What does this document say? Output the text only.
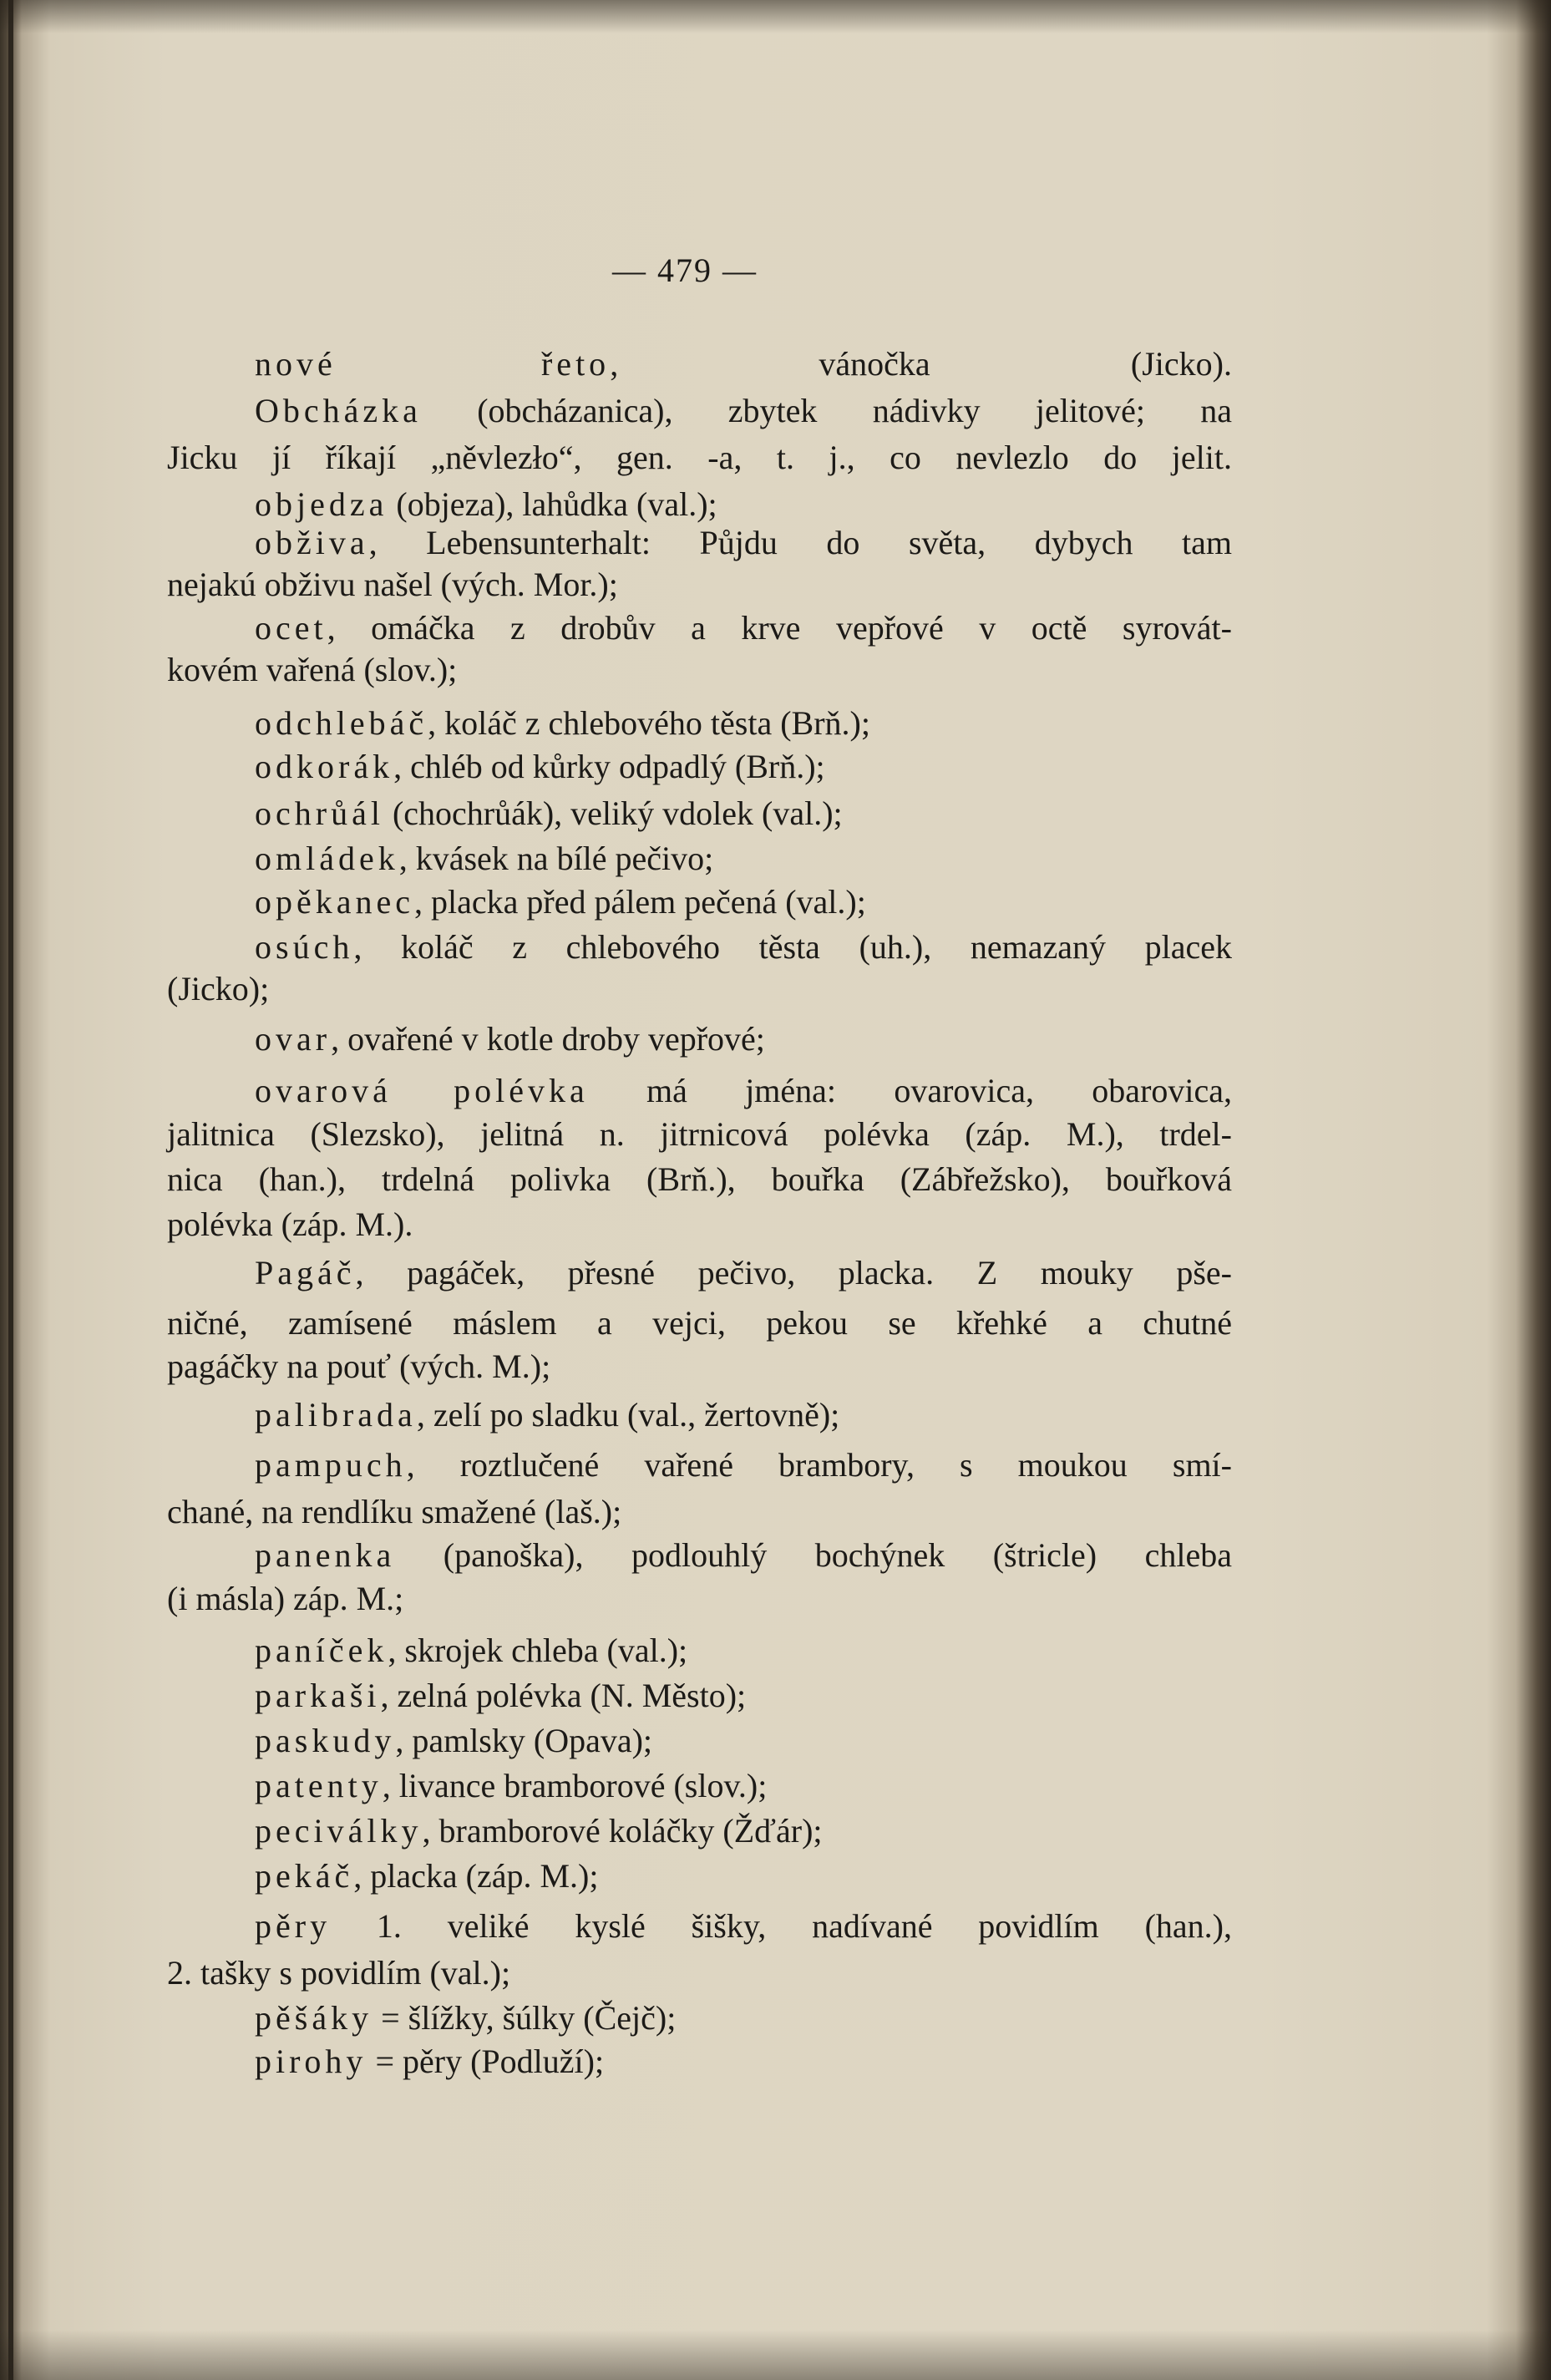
— 479 —
nové řeto, vánočka (Jicko).
Obcházka (obcházanica), zbytek nádivky jelitové; na
Jicku jí říkají „něvlezło“, gen. -a, t. j., co nevlezlo do jelit.
objedza (objeza), lahůdka (val.);
obživa, Lebensunterhalt: Půjdu do světa, dybych tam
nejakú obživu našel (vých. Mor.);
ocet, omáčka z drobův a krve vepřové v octě syrovát-
kovém vařená (slov.);
odchlebáč, koláč z chlebového těsta (Brň.);
odkorák, chléb od kůrky odpadlý (Brň.);
ochrůál (chochrůák), veliký vdolek (val.);
omládek, kvásek na bílé pečivo;
opěkanec, placka před pálem pečená (val.);
osúch, koláč z chlebového těsta (uh.), nemazaný placek
(Jicko);
ovar, ovařené v kotle droby vepřové;
ovarová polévka má jména: ovarovica, obarovica,
jalitnica (Slezsko), jelitná n. jitrnicová polévka (záp. M.), trdel-
nica (han.), trdelná polivka (Brň.), bouřka (Zábřežsko), bouřková
polévka (záp. M.).
Pagáč, pagáček, přesné pečivo, placka. Z mouky pše-
ničné, zamísené máslem a vejci, pekou se křehké a chutné
pagáčky na pouť (vých. M.);
palibrada, zelí po sladku (val., žertovně);
pampuch, roztlučené vařené brambory, s moukou smí-
chané, na rendlíku smažené (laš.);
panenka (panoška), podlouhlý bochýnek (štricle) chleba
(i másla) záp. M.;
paníček, skrojek chleba (val.);
parkaši, zelná polévka (N. Město);
paskudy, pamlsky (Opava);
patenty, livance bramborové (slov.);
peciválky, bramborové koláčky (Žďár);
pekáč, placka (záp. M.);
pěry 1. veliké kyslé šišky, nadívané povidlím (han.),
2. tašky s povidlím (val.);
pěšáky = šlížky, šúlky (Čejč);
pirohy = pěry (Podluží);
